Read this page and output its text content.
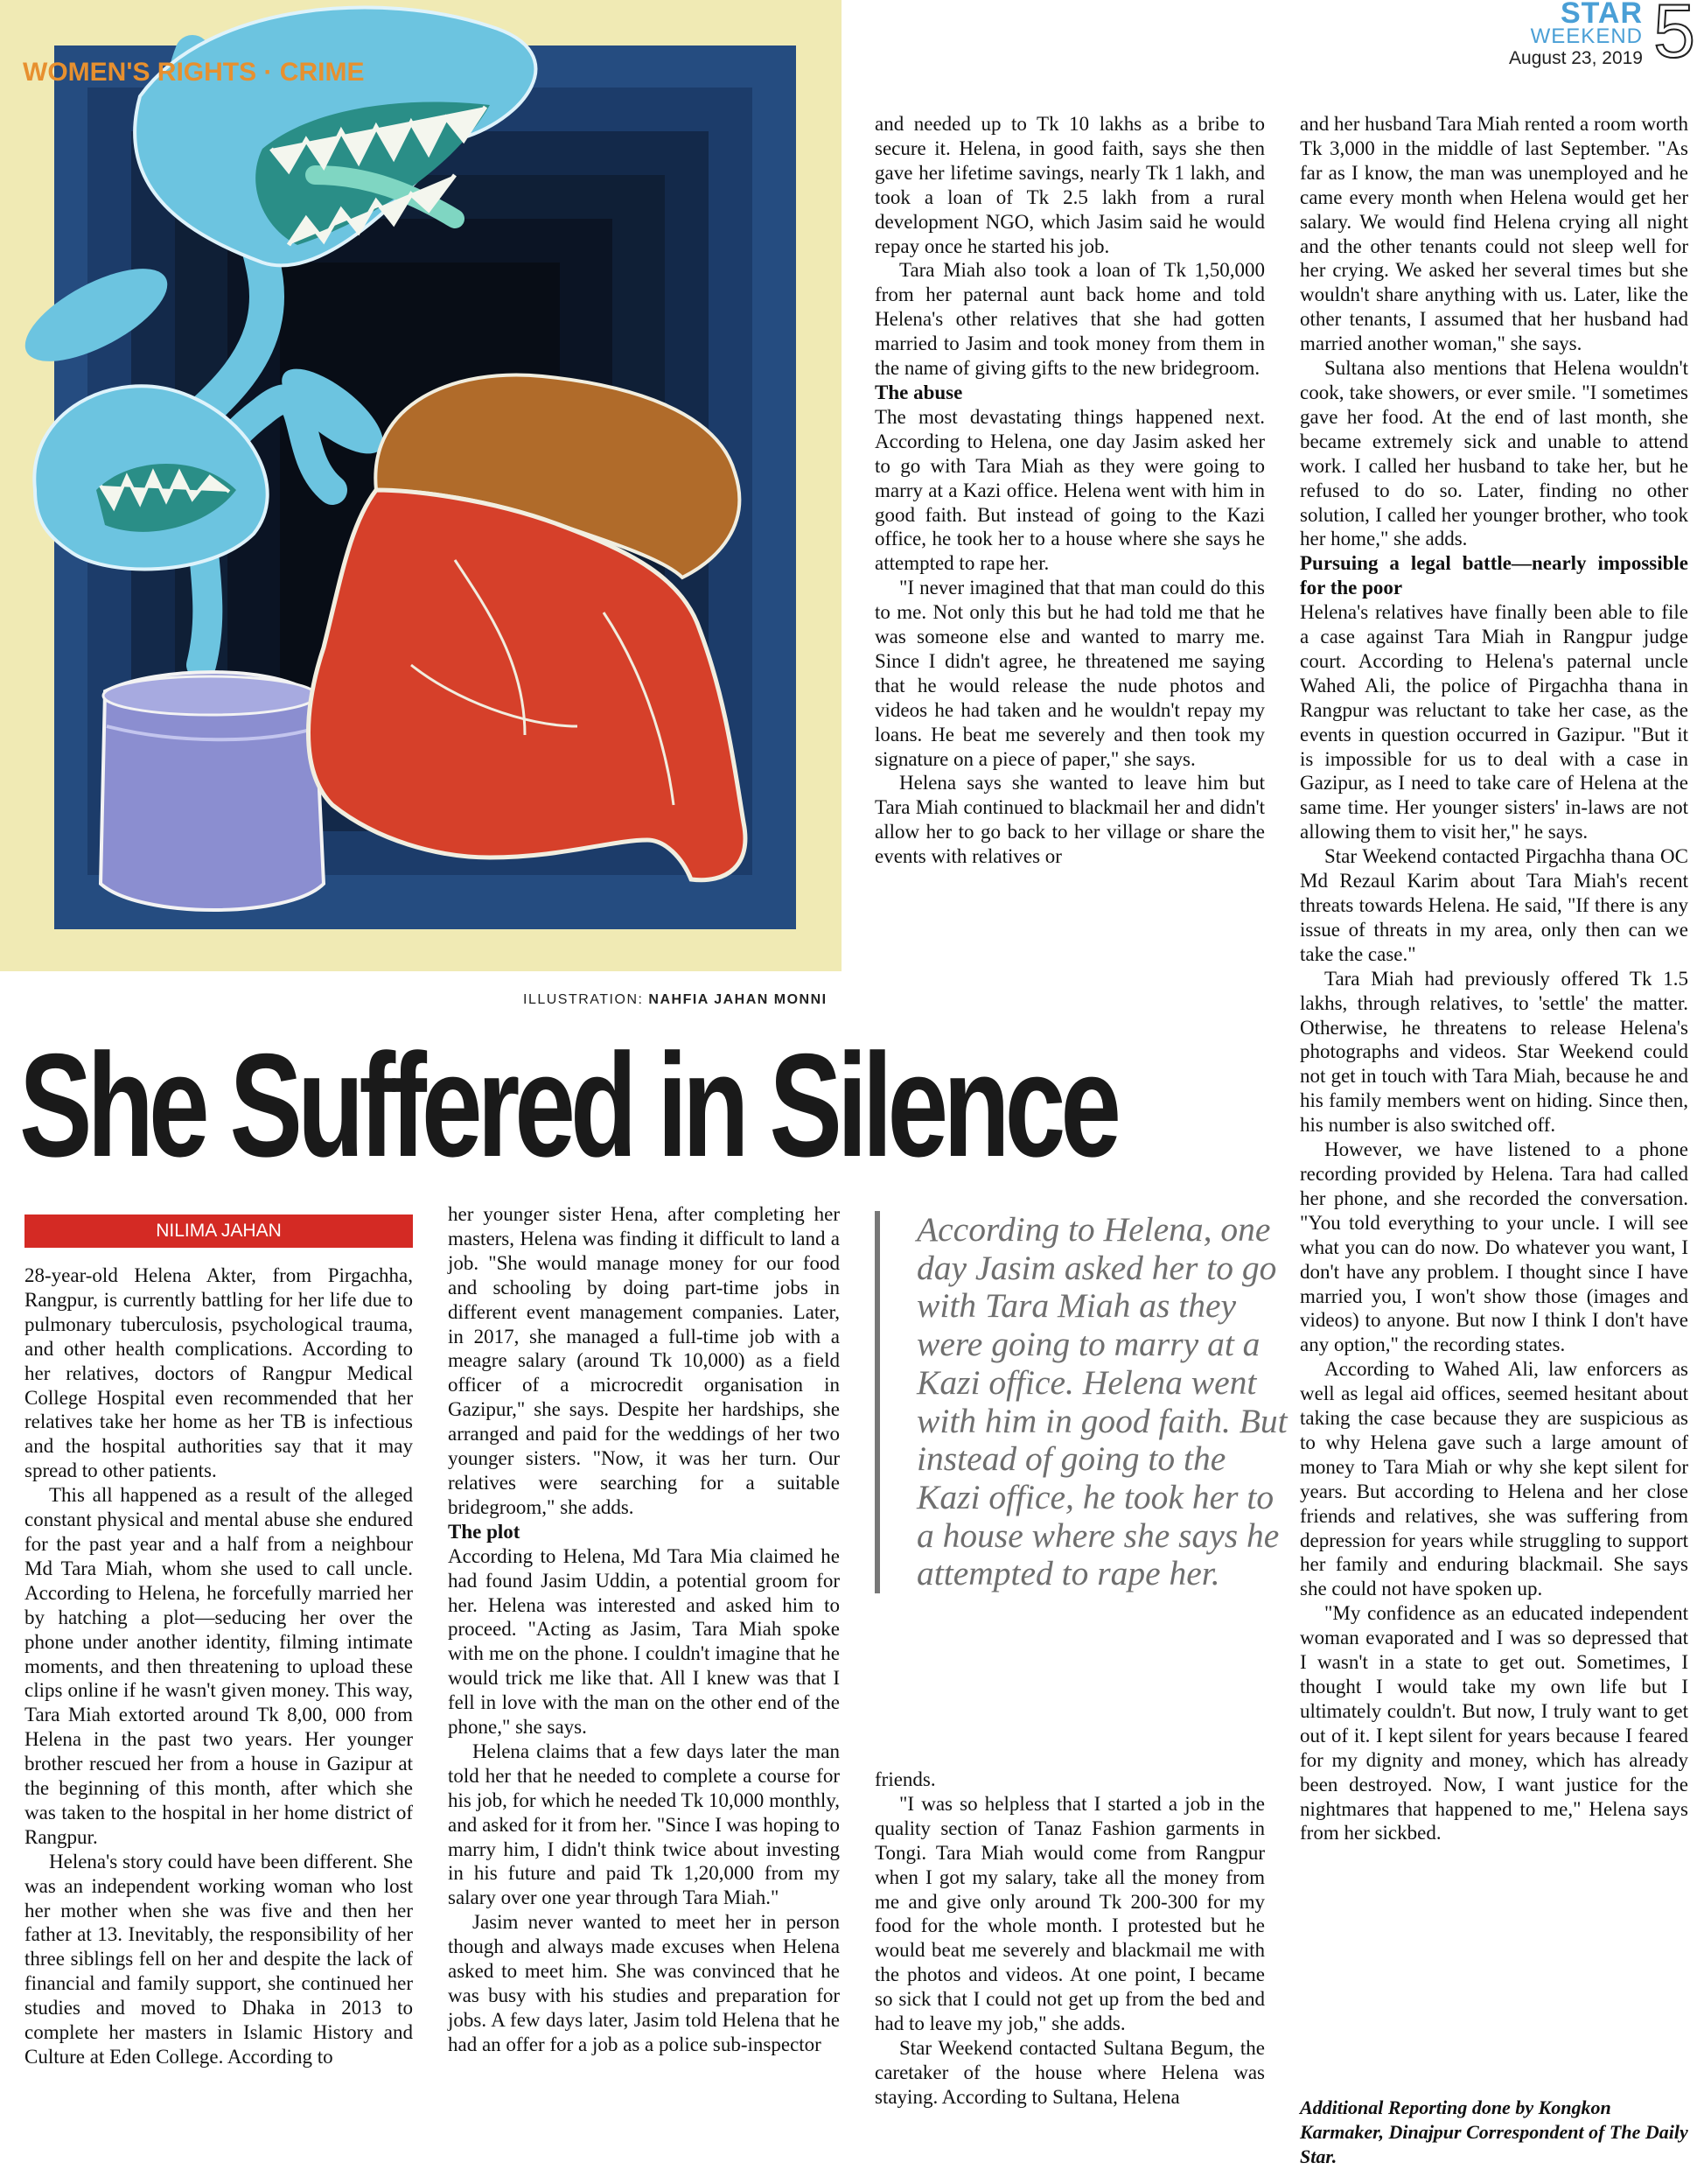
WOMEN'S RIGHTS · CRIME
STAR
WEEKEND
August 23, 2019 5
ILLUSTRATION: NAHFIA JAHAN MONNI
She Suffered in Silence
NILIMA JAHAN

28-year-old Helena Akter, from Pirgachha, Rangpur, is currently battling for her life due to pulmonary tuberculosis, psychological trauma, and other health complications. According to her relatives, doctors of Rangpur Medical College Hospital even recommended that her relatives take her home as her TB is infectious and the hospital authorities say that it may spread to other patients.

This all happened as a result of the alleged constant physical and mental abuse she endured for the past year and a half from a neighbour Md Tara Miah, whom she used to call uncle. According to Helena, he forcefully married her by hatching a plot—seducing her over the phone under another identity, filming intimate moments, and then threatening to upload these clips online if he wasn't given money. This way, Tara Miah extorted around Tk 8,00, 000 from Helena in the past two years. Her younger brother rescued her from a house in Gazipur at the beginning of this month, after which she was taken to the hospital in her home district of Rangpur.

Helena's story could have been different. She was an independent working woman who lost her mother when she was five and then her father at 13. Inevitably, the responsibility of her three siblings fell on her and despite the lack of financial and family support, she continued her studies and moved to Dhaka in 2013 to complete her masters in Islamic History and Culture at Eden College. According to

her younger sister Hena, after completing her masters, Helena was finding it difficult to land a job. "She would manage money for our food and schooling by doing part-time jobs in different event management companies. Later, in 2017, she managed a full-time job with a meagre salary (around Tk 10,000) as a field officer of a microcredit organisation in Gazipur," she says. Despite her hardships, she arranged and paid for the weddings of her two younger sisters. "Now, it was her turn. Our relatives were searching for a suitable bridegroom," she adds.

The plot

According to Helena, Md Tara Mia claimed he had found Jasim Uddin, a potential groom for her. Helena was interested and asked him to proceed. "Acting as Jasim, Tara Miah spoke with me on the phone. I couldn't imagine that he would trick me like that. All I knew was that I fell in love with the man on the other end of the phone," she says.

Helena claims that a few days later the man told her that he needed to complete a course for his job, for which he needed Tk 10,000 monthly, and asked for it from her. "Since I was hoping to marry him, I didn't think twice about investing in his future and paid Tk 1,20,000 from my salary over one year through Tara Miah."

Jasim never wanted to meet her in person though and always made excuses when Helena asked to meet him. She was convinced that he was busy with his studies and preparation for jobs. A few days later, Jasim told Helena that he had an offer for a job as a police sub-inspector

and needed up to Tk 10 lakhs as a bribe to secure it. Helena, in good faith, says she then gave her lifetime savings, nearly Tk 1 lakh, and took a loan of Tk 2.5 lakh from a rural development NGO, which Jasim said he would repay once he started his job.

Tara Miah also took a loan of Tk 1,50,000 from her paternal aunt back home and told Helena's other relatives that she had gotten married to Jasim and took money from them in the name of giving gifts to the new bridegroom.

The abuse

The most devastating things happened next. According to Helena, one day Jasim asked her to go with Tara Miah as they were going to marry at a Kazi office. Helena went with him in good faith. But instead of going to the Kazi office, he took her to a house where she says he attempted to rape her.

"I never imagined that that man could do this to me. Not only this but he had told me that he was someone else and wanted to marry me. Since I didn't agree, he threatened me saying that he would release the nude photos and videos he had taken and he wouldn't repay my loans. He beat me severely and then took my signature on a piece of paper," she says.

Helena says she wanted to leave him but Tara Miah continued to blackmail her and didn't allow her to go back to her village or share the events with relatives or

According to Helena, one day Jasim asked her to go with Tara Miah as they were going to marry at a Kazi office. Helena went with him in good faith. But instead of going to the Kazi office, he took her to a house where she says he attempted to rape her.

friends.

"I was so helpless that I started a job in the quality section of Tanaz Fashion garments in Tongi. Tara Miah would come from Rangpur when I got my salary, take all the money from me and give only around Tk 200-300 for my food for the whole month. I protested but he would beat me severely and blackmail me with the photos and videos. At one point, I became so sick that I could not get up from the bed and had to leave my job," she adds.

Star Weekend contacted Sultana Begum, the caretaker of the house where Helena was staying. According to Sultana, Helena

and her husband Tara Miah rented a room worth Tk 3,000 in the middle of last September. "As far as I know, the man was unemployed and he came every month when Helena would get her salary. We would find Helena crying all night and the other tenants could not sleep well for her crying. We asked her several times but she wouldn't share anything with us. Later, like the other tenants, I assumed that her husband had married another woman," she says.

Sultana also mentions that Helena wouldn't cook, take showers, or ever smile. "I sometimes gave her food. At the end of last month, she became extremely sick and unable to attend work. I called her husband to take her, but he refused to do so. Later, finding no other solution, I called her younger brother, who took her home," she adds.

Pursuing a legal battle—nearly impossible for the poor

Helena's relatives have finally been able to file a case against Tara Miah in Rangpur judge court. According to Helena's paternal uncle Wahed Ali, the police of Pirgachha thana in Rangpur was reluctant to take her case, as the events in question occurred in Gazipur. "But it is impossible for us to deal with a case in Gazipur, as I need to take care of Helena at the same time. Her younger sisters' in-laws are not allowing them to visit her," he says.

Star Weekend contacted Pirgachha thana OC Md Rezaul Karim about Tara Miah's recent threats towards Helena. He said, "If there is any issue of threats in my area, only then can we take the case."

Tara Miah had previously offered Tk 1.5 lakhs, through relatives, to 'settle' the matter. Otherwise, he threatens to release Helena's photographs and videos. Star Weekend could not get in touch with Tara Miah, because he and his family members went on hiding. Since then, his number is also switched off.

However, we have listened to a phone recording provided by Helena. Tara had called her phone, and she recorded the conversation. "You told everything to your uncle. I will see what you can do now. Do whatever you want, I don't have any problem. I thought since I have married you, I won't show those (images and videos) to anyone. But now I think I don't have any option," the recording states.

According to Wahed Ali, law enforcers as well as legal aid offices, seemed hesitant about taking the case because they are suspicious as to why Helena gave such a large amount of money to Tara Miah or why she kept silent for years. But according to Helena and her close friends and relatives, she was suffering from depression for years while struggling to support her family and enduring blackmail. She says she could not have spoken up.

"My confidence as an educated independent woman evaporated and I was so depressed that I wasn't in a state to get out. Sometimes, I thought I would take my own life but I ultimately couldn't. But now, I truly want to get out of it. I kept silent for years because I feared for my dignity and money, which has already been destroyed. Now, I want justice for the nightmares that happened to me," Helena says from her sickbed.

Additional Reporting done by Kongkon Karmaker, Dinajpur Correspondent of The Daily Star.
